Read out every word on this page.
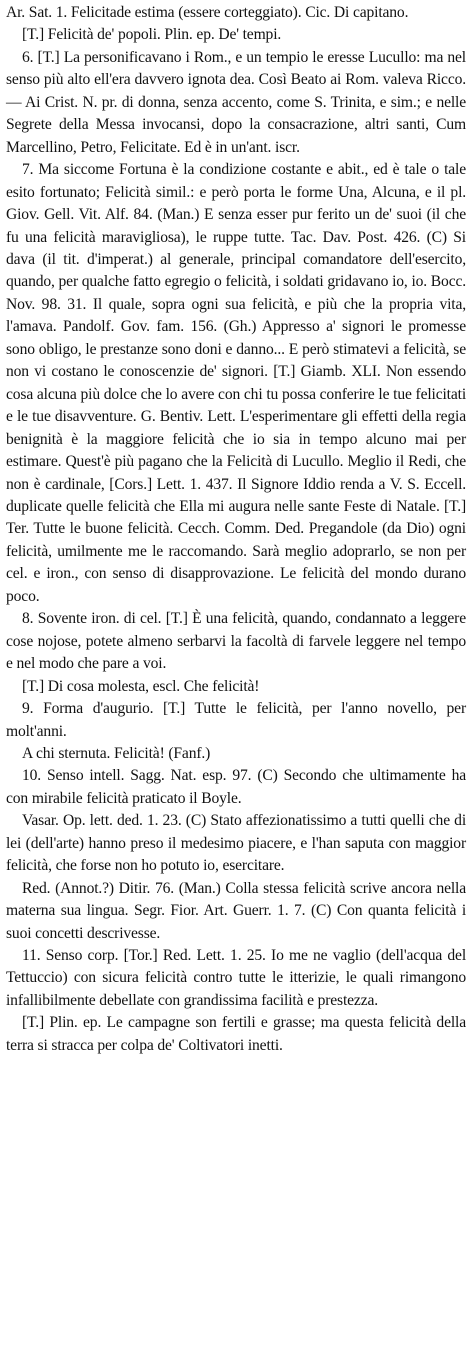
Ar. Sat. 1. Felicitade estima (essere corteggiato). Cic. Di capitano.

[T.] Felicità de' popoli. Plin. ep. De' tempi.

6. [T.] La personificavano i Rom., e un tempio le eresse Lucullo: ma nel senso più alto ell'era davvero ignota dea. Così Beato ai Rom. valeva Ricco. — Ai Crist. N. pr. di donna, senza accento, come S. Trinita, e sim.; e nelle Segrete della Messa invocansi, dopo la consacrazione, altri santi, Cum Marcellino, Petro, Felicitate. Ed è in un'ant. iscr.

7. Ma siccome Fortuna è la condizione costante e abit., ed è tale o tale esito fortunato; Felicità simil.: e però porta le forme Una, Alcuna, e il pl. Giov. Gell. Vit. Alf. 84. (Man.) E senza esser pur ferito un de' suoi (il che fu una felicità maravigliosa), le ruppe tutte. Tac. Dav. Post. 426. (C) Si dava (il tit. d'imperat.) al generale, principal comandatore dell'esercito, quando, per qualche fatto egregio o felicità, i soldati gridavano io, io. Bocc. Nov. 98. 31. Il quale, sopra ogni sua felicità, e più che la propria vita, l'amava. Pandolf. Gov. fam. 156. (Gh.) Appresso a' signori le promesse sono obligo, le prestanze sono doni e danno... E però stimatevi a felicità, se non vi costano le conoscenzie de' signori. [T.] Giamb. XLI. Non essendo cosa alcuna più dolce che lo avere con chi tu possa conferire le tue felicitati e le tue disavventure. G. Bentiv. Lett. L'esperimentare gli effetti della regia benignità è la maggiore felicità che io sia in tempo alcuno mai per estimare. Quest'è più pagano che la Felicità di Lucullo. Meglio il Redi, che non è cardinale, [Cors.] Lett. 1. 437. Il Signore Iddio renda a V. S. Eccell. duplicate quelle felicità che Ella mi augura nelle sante Feste di Natale. [T.] Ter. Tutte le buone felicità. Cecch. Comm. Ded. Pregandole (da Dio) ogni felicità, umilmente me le raccomando. Sarà meglio adoprarlo, se non per cel. e iron., con senso di disapprovazione. Le felicità del mondo durano poco.

8. Sovente iron. di cel. [T.] È una felicità, quando, condannato a leggere cose nojose, potete almeno serbarvi la facoltà di farvele leggere nel tempo e nel modo che pare a voi.

[T.] Di cosa molesta, escl. Che felicità!

9. Forma d'augurio. [T.] Tutte le felicità, per l'anno novello, per molt'anni.

A chi sternuta. Felicità! (Fanf.)

10. Senso intell. Sagg. Nat. esp. 97. (C) Secondo che ultimamente ha con mirabile felicità praticato il Boyle.

Vasar. Op. lett. ded. 1. 23. (C) Stato affezionatissimo a tutti quelli che di lei (dell'arte) hanno preso il medesimo piacere, e l'han saputa con maggior felicità, che forse non ho potuto io, esercitare.

Red. (Annot.?) Ditir. 76. (Man.) Colla stessa felicità scrive ancora nella materna sua lingua. Segr. Fior. Art. Guerr. 1. 7. (C) Con quanta felicità i suoi concetti descrivesse.

11. Senso corp. [Tor.] Red. Lett. 1. 25. Io me ne vaglio (dell'acqua del Tettuccio) con sicura felicità contro tutte le itterizie, le quali rimangono infallibilmente debellate con grandissima facilità e prestezza.

[T.] Plin. ep. Le campagne son fertili e grasse; ma questa felicità della terra si stracca per colpa de' Coltivatori inetti.
